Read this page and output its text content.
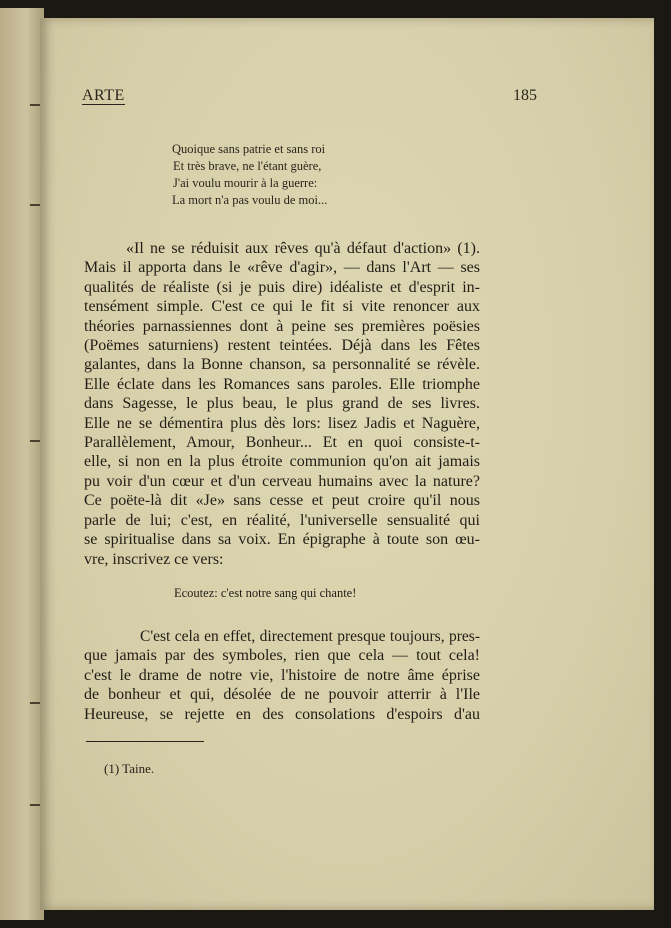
ARTE	185
Quoique sans patrie et sans roi
Et très brave, ne l'étant guère,
J'ai voulu mourir à la guerre:
La mort n'a pas voulu de moi...
«Il ne se réduisit aux rêves qu'à défaut d'action» (1).
Mais il apporta dans le «rêve d'agir», — dans l'Art — ses
qualités de réaliste (si je puis dire) idéaliste et d'esprit in-
tensément simple. C'est ce qui le fit si vite renoncer aux
théories parnassiennes dont à peine ses premières poësies
(Poëmes saturniens) restent teintées. Déjà dans les Fêtes
galantes, dans la Bonne chanson, sa personnalité se révèle.
Elle éclate dans les Romances sans paroles. Elle triomphe
dans Sagesse, le plus beau, le plus grand de ses livres.
Elle ne se démentira plus dès lors: lisez Jadis et Naguère,
Parallèlement, Amour, Bonheur... Et en quoi consiste-t-
elle, si non en la plus étroite communion qu'on ait jamais
pu voir d'un cœur et d'un cerveau humains avec la nature?
Ce poëte-là dit «Je» sans cesse et peut croire qu'il nous
parle de lui; c'est, en réalité, l'universelle sensualité qui
se spiritualise dans sa voix. En épigraphe à toute son œu-
vre, inscrivez ce vers:
Ecoutez: c'est notre sang qui chante!
C'est cela en effet, directement presque toujours, pres-
que jamais par des symboles, rien que cela — tout cela!
c'est le drame de notre vie, l'histoire de notre âme éprise
de bonheur et qui, désolée de ne pouvoir atterrir à l'Ile
Heureuse, se rejette en des consolations d'espoirs d'au
(1) Taine.
